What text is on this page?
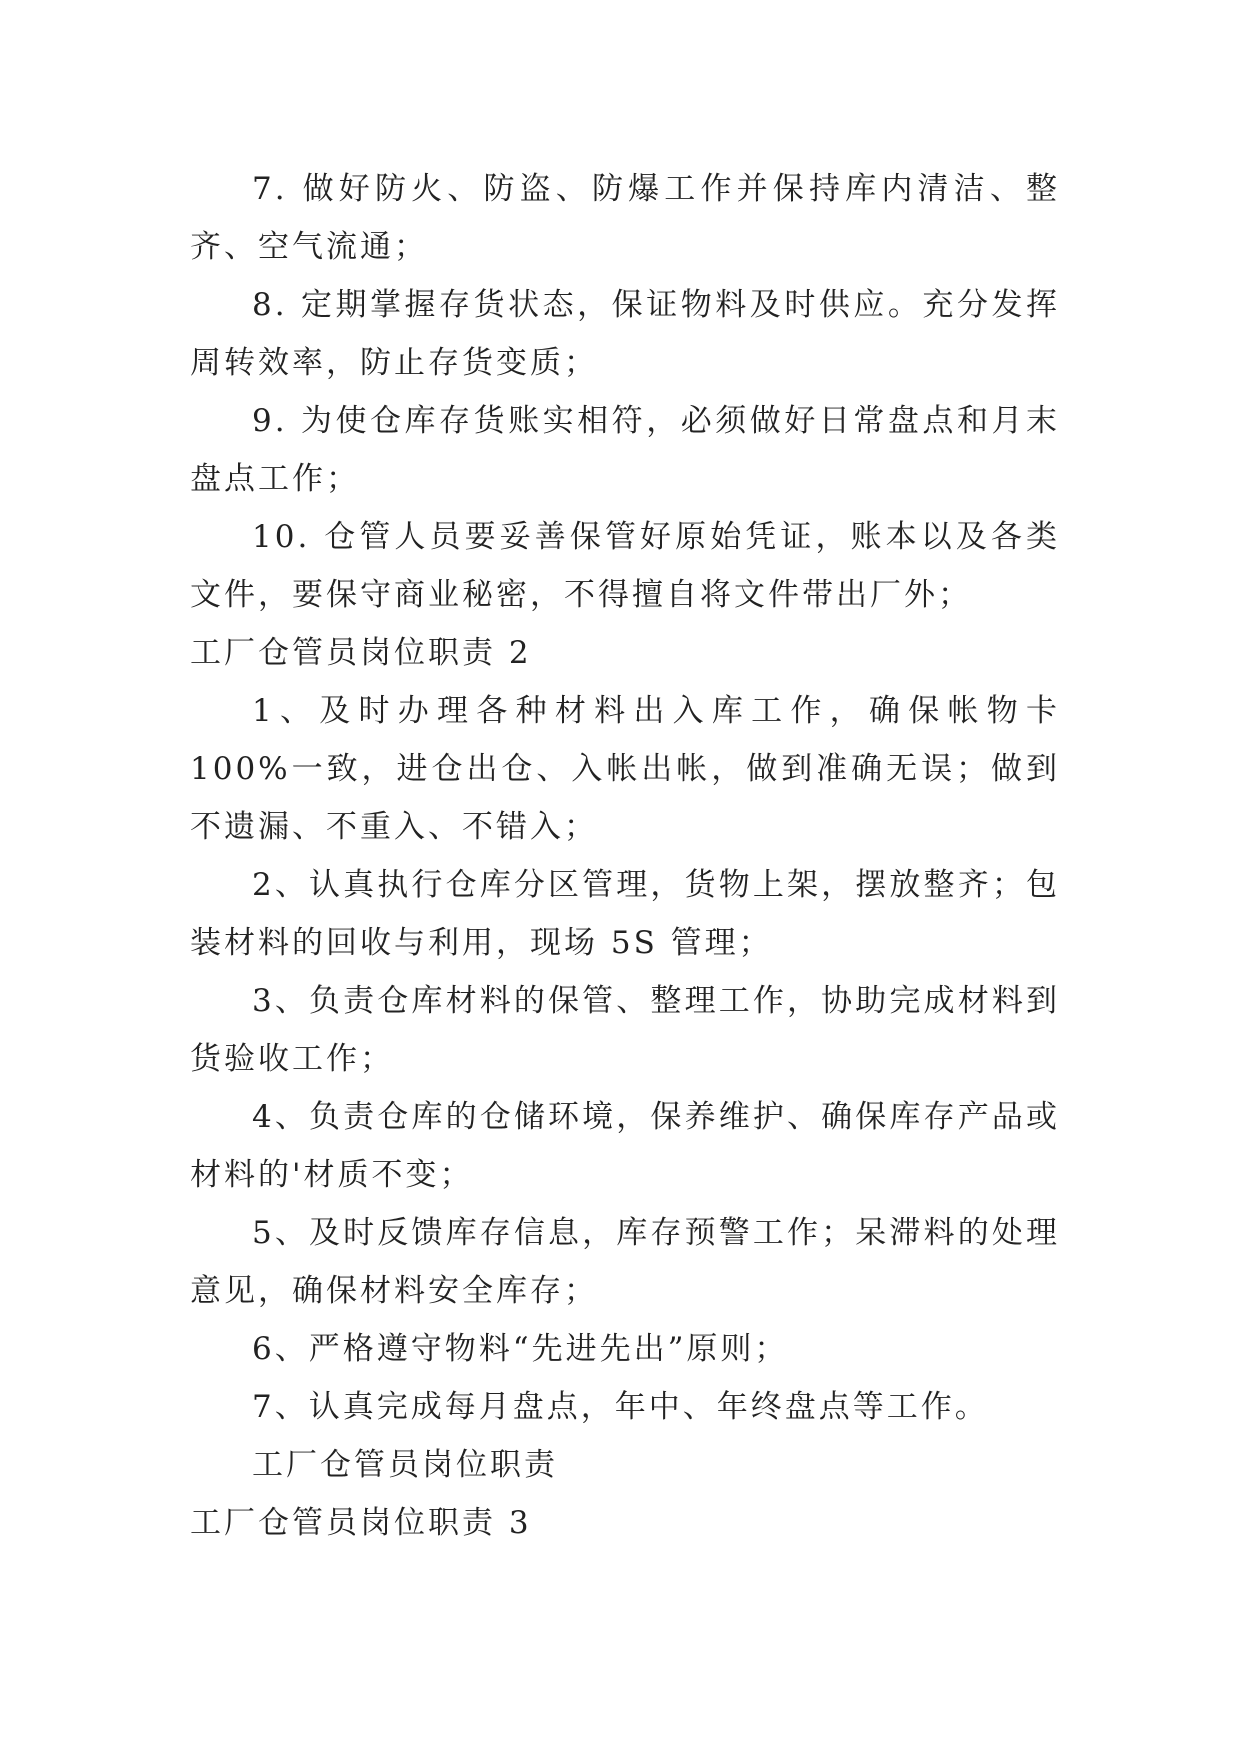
7. 做好防火、防盗、防爆工作并保持库内清洁、整齐、空气流通；

8. 定期掌握存货状态，保证物料及时供应。充分发挥周转效率，防止存货变质；

9. 为使仓库存货账实相符，必须做好日常盘点和月末盘点工作；

10. 仓管人员要妥善保管好原始凭证，账本以及各类文件，要保守商业秘密，不得擅自将文件带出厂外；

工厂仓管员岗位职责 2

1、及时办理各种材料出入库工作，确保帐物卡 100%一致，进仓出仓、入帐出帐，做到准确无误；做到不遗漏、不重入、不错入；

2、认真执行仓库分区管理，货物上架，摆放整齐；包装材料的回收与利用，现场 5S 管理；

3、负责仓库材料的保管、整理工作，协助完成材料到货验收工作；

4、负责仓库的仓储环境，保养维护、确保库存产品或材料的'材质不变；

5、及时反馈库存信息，库存预警工作；呆滞料的处理意见，确保材料安全库存；

6、严格遵守物料“先进先出”原则；

7、认真完成每月盘点，年中、年终盘点等工作。

工厂仓管员岗位职责

工厂仓管员岗位职责 3
